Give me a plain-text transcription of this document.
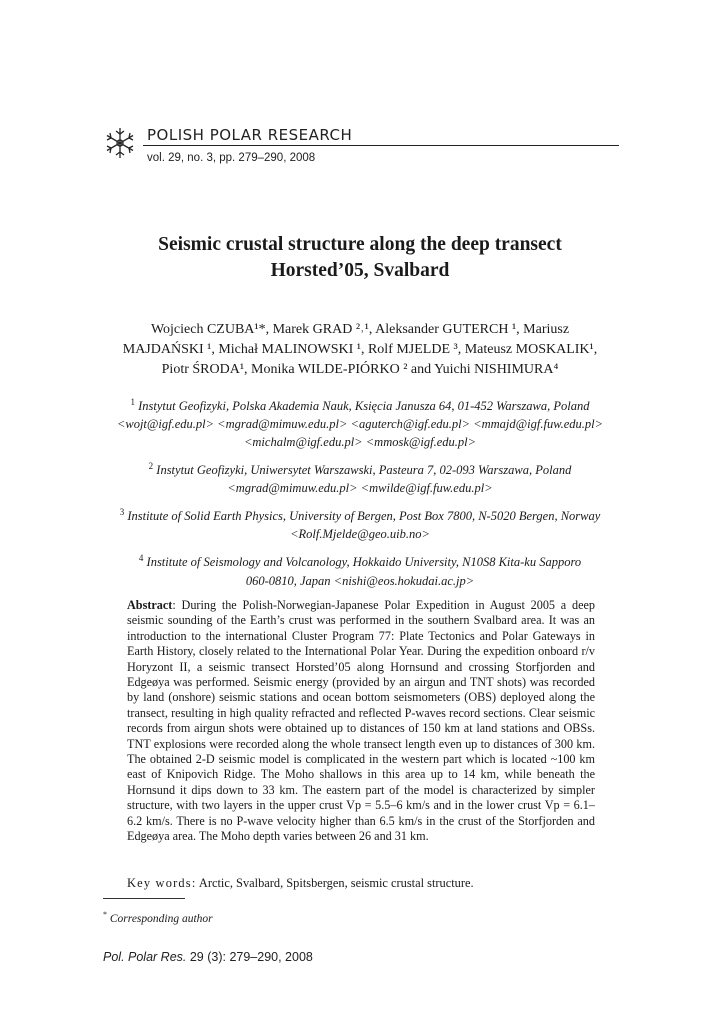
POLISH POLAR RESEARCH
vol. 29, no. 3, pp. 279–290, 2008
Seismic crustal structure along the deep transect
Horsted’05, Svalbard
Wojciech CZUBA¹*, Marek GRAD ²˒¹, Aleksander GUTERCH ¹, Mariusz
MAJDAŃSKI ¹, Michał MALINOWSKI ¹, Rolf MJELDE ³, Mateusz MOSKALIK¹,
Piotr ŚRODA¹, Monika WILDE-PIÓRKO ² and Yuichi NISHIMURA⁴
$^1$ Instytut Geofizyki, Polska Akademia Nauk, Księcia Janusza 64, 01-452 Warszawa, Poland
<wojt@igf.edu.pl> <mgrad@mimuw.edu.pl> <aguterch@igf.edu.pl> <mmajd@igf.fuw.edu.pl>
<michalm@igf.edu.pl> <mmosk@igf.edu.pl>
$^2$ Instytut Geofizyki, Uniwersytet Warszawski, Pasteura 7, 02-093 Warszawa, Poland
<mgrad@mimuw.edu.pl> <mwilde@igf.fuw.edu.pl>
$^3$ Institute of Solid Earth Physics, University of Bergen, Post Box 7800, N-5020 Bergen, Norway
<Rolf.Mjelde@geo.uib.no>
$^4$ Institute of Seismology and Volcanology, Hokkaido University, N10S8 Kita-ku Sapporo
060-0810, Japan <nishi@eos.hokudai.ac.jp>
Abstract: During the Polish-Norwegian-Japanese Polar Expedition in August 2005 a deep seismic sounding of the Earth’s crust was performed in the southern Svalbard area. It was an introduction to the international Cluster Program 77: Plate Tectonics and Polar Gateways in Earth History, closely related to the International Polar Year. During the expedition onboard r/v Horyzont II, a seismic transect Horsted’05 along Hornsund and crossing Storfjorden and Edgeøya was performed. Seismic energy (provided by an airgun and TNT shots) was recorded by land (onshore) seismic stations and ocean bottom seismometers (OBS) deployed along the transect, resulting in high quality refracted and reflected P-waves record sections. Clear seismic records from airgun shots were obtained up to distances of 150 km at land stations and OBSs. TNT explosions were recorded along the whole transect length even up to distances of 300 km. The obtained 2-D seismic model is complicated in the western part which is located ~100 km east of Knipovich Ridge. The Moho shallows in this area up to 14 km, while beneath the Hornsund it dips down to 33 km. The eastern part of the model is characterized by simpler structure, with two layers in the upper crust Vp = 5.5–6 km/s and in the lower crust Vp = 6.1–6.2 km/s. There is no P-wave velocity higher than 6.5 km/s in the crust of the Storfjorden and Edgeøya area. The Moho depth varies between 26 and 31 km.
Key words: Arctic, Svalbard, Spitsbergen, seismic crustal structure.
* Corresponding author
Pol. Polar Res. 29 (3): 279–290, 2008
